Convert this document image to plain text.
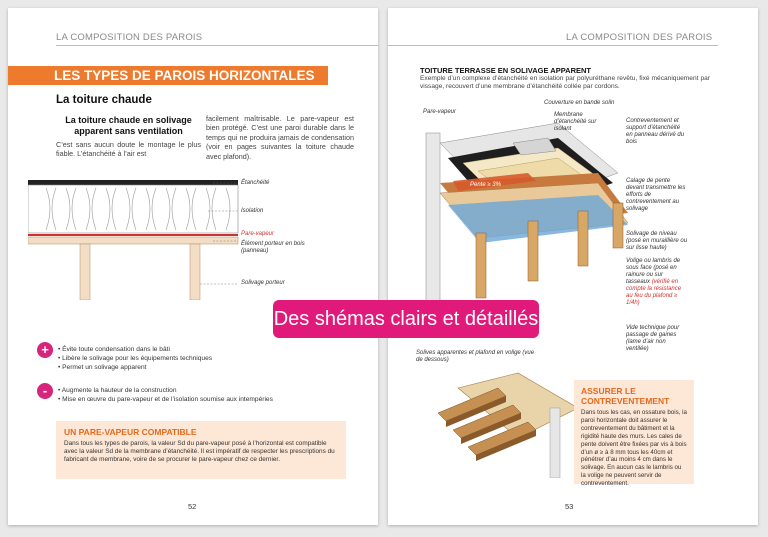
LA COMPOSITION DES PAROIS
LES TYPES DE PAROIS HORIZONTALES
La toiture chaude
La toiture chaude en solivage apparent sans ventilation
C’est sans aucun doute le montage le plus fiable. L’étanchéité à l’air est
facilement maîtrisable. Le pare-vapeur est bien protégé. C’est une paroi durable dans le temps qui ne produira jamais de condensation (voir en pages suivantes la toiture chaude avec plafond).
Étanchéité
Isolation
Pare-vapeur
Élément porteur en bois (panneau)
Solivage porteur
+	• Évite toute condensation dans le bâti
• Libère le solivage pour les équipements techniques
• Permet un solivage apparent
-	• Augmente la hauteur de la construction
• Mise en œuvre du pare-vapeur et de l’isolation soumise aux intempéries
UN PARE-VAPEUR COMPATIBLE
Dans tous les types de parois, la valeur Sd du pare-vapeur posé à l’horizontal est compatible avec la valeur Sd de la membrane d’étanchéité. Il est impératif de respecter les prescriptions du fabricant de membrane, voire de se procurer le pare-vapeur chez ce dernier.
52
LA COMPOSITION DES PAROIS
TOITURE TERRASSE EN SOLIVAGE APPARENT
Exemple d’un complexe d’étanchéité en isolation par polyuréthane revêtu, fixé mécaniquement par vissage, recouvert d’une membrane d’étanchéité collée par cordons.
Pente ≥ 3%
Pare-vapeur
Couverture en bande solin
Membrane d’étanchéité sur isolant
Contreventement et support d’étanchéité en panneau dérivé du bois
Calage de pente devant transmettre les efforts de contreventement au solivage
Solivage de niveau (posé en muraillière ou sur lisse haute)
Volige ou lambris de sous face (posé en rainure ou sur tasseaux (vérifié en compte la résistance au feu du plafond ≥ 1/4h)
Vide technique pour passage de gaines (lame d’air non ventilée)
Solives apparentes et plafond en volige (vue de dessous)
ASSURER LE CONTREVENTEMENT
Dans tous les cas, en ossature bois, la paroi horizontale doit assurer le contreventement du bâtiment et la rigidité haute des murs. Les cales de pente doivent être fixées par vis à bois d’un ø ≥ à 8 mm tous les 40cm et pénétrer d’au moins 4 cm dans le solivage. En aucun cas le lambris ou la volige ne peuvent servir de contreventement.
53
Des shémas clairs et détaillés
